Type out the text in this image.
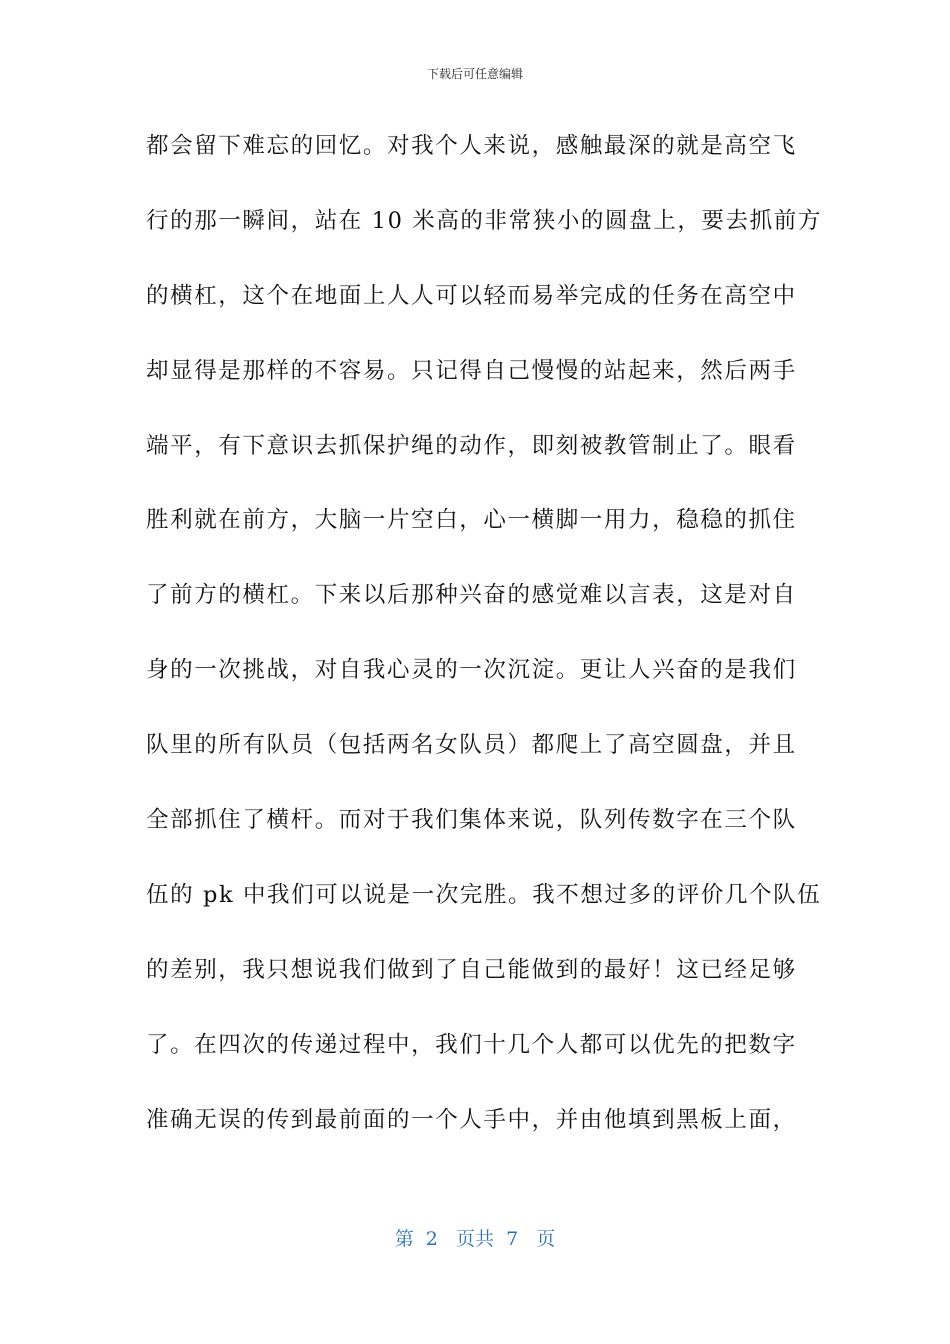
下载后可任意编辑
都会留下难忘的回忆。对我个人来说，感触最深的就是高空飞
行的那一瞬间，站在 10 米高的非常狭小的圆盘上，要去抓前方
的横杠，这个在地面上人人可以轻而易举完成的任务在高空中
却显得是那样的不容易。只记得自己慢慢的站起来，然后两手
端平，有下意识去抓保护绳的动作，即刻被教管制止了。眼看
胜利就在前方，大脑一片空白，心一横脚一用力，稳稳的抓住
了前方的横杠。下来以后那种兴奋的感觉难以言表，这是对自
身的一次挑战，对自我心灵的一次沉淀。更让人兴奋的是我们
队里的所有队员（包括两名女队员）都爬上了高空圆盘，并且
全部抓住了横杆。而对于我们集体来说，队列传数字在三个队
伍的 pk 中我们可以说是一次完胜。我不想过多的评价几个队伍
的差别，我只想说我们做到了自己能做到的最好！这已经足够
了。在四次的传递过程中，我们十几个人都可以优先的把数字
准确无误的传到最前面的一个人手中，并由他填到黑板上面，
第  2   页共  7   页
